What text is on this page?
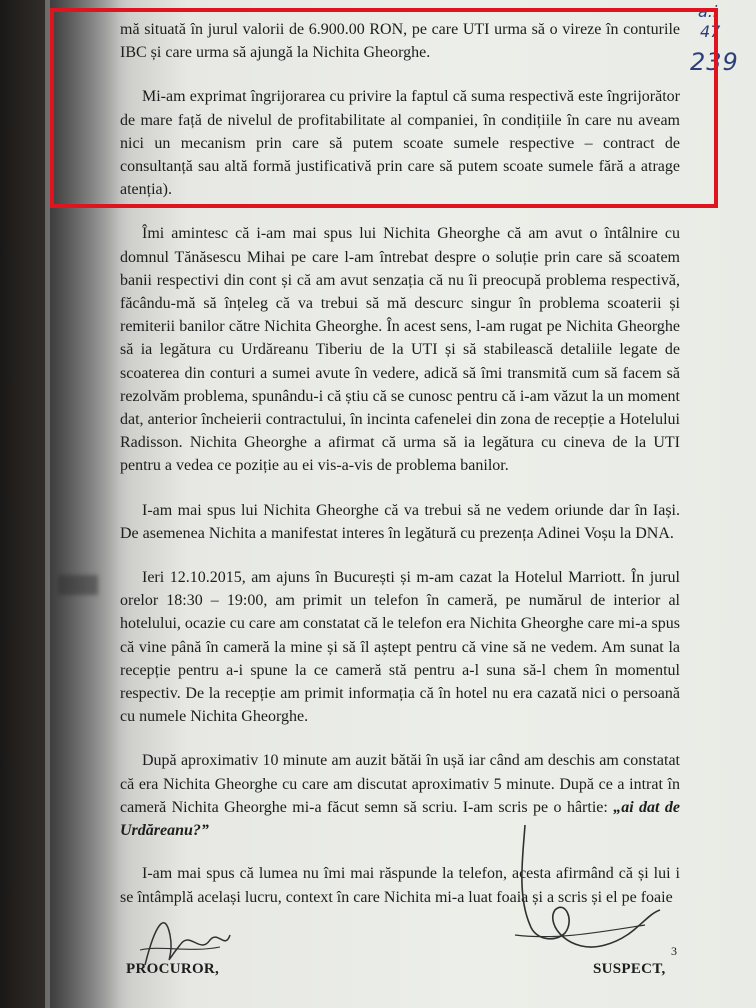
a.i
47
239

mă situată în jurul valorii de 6.900.00 RON, pe care UTI urma să o vireze în conturile IBC și care urma să ajungă la Nichita Gheorghe.

Mi-am exprimat îngrijorarea cu privire la faptul că suma respectivă este îngrijorător de mare față de nivelul de profitabilitate al companiei, în condițiile în care nu aveam nici un mecanism prin care să putem scoate sumele respective – contract de consultanță sau altă formă justificativă prin care să putem scoate sumele fără a atrage atenția).

Îmi amintesc că i-am mai spus lui Nichita Gheorghe că am avut o întâlnire cu domnul Tănăsescu Mihai pe care l-am întrebat despre o soluție prin care să scoatem banii respectivi din cont și că am avut senzația că nu îi preocupă problema respectivă, făcându-mă să înțeleg că va trebui să mă descurc singur în problema scoaterii și remiterii banilor către Nichita Gheorghe. În acest sens, l-am rugat pe Nichita Gheorghe să ia legătura cu Urdăreanu Tiberiu de la UTI și să stabilească detaliile legate de scoaterea din conturi a sumei avute în vedere, adică să îmi transmită cum să facem să rezolvăm problema, spunându-i că știu că se cunosc pentru că i-am văzut la un moment dat, anterior încheierii contractului, în incinta cafenelei din zona de recepție a Hotelului Radisson. Nichita Gheorghe a afirmat că urma să ia legătura cu cineva de la UTI pentru a vedea ce poziție au ei vis-a-vis de problema banilor.

I-am mai spus lui Nichita Gheorghe că va trebui să ne vedem oriunde dar în Iași. De asemenea Nichita a manifestat interes în legătură cu prezența Adinei Voșu la DNA.

Ieri 12.10.2015, am ajuns în București și m-am cazat la Hotelul Marriott. În jurul orelor 18:30 – 19:00, am primit un telefon în cameră, pe numărul de interior al hotelului, ocazie cu care am constatat că le telefon era Nichita Gheorghe care mi-a spus că vine până în cameră la mine și să îl aștept pentru că vine să ne vedem. Am sunat la recepție pentru a-i spune la ce cameră stă pentru a-l suna să-l chem în momentul respectiv. De la recepție am primit informația că în hotel nu era cazată nici o persoană cu numele Nichita Gheorghe.

După aproximativ 10 minute am auzit bătăi în ușă iar când am deschis am constatat că era Nichita Gheorghe cu care am discutat aproximativ 5 minute. După ce a intrat în cameră Nichita Gheorghe mi-a făcut semn să scriu. I-am scris pe o hârtie: „ai dat de Urdăreanu?”

I-am mai spus că lumea nu îmi mai răspunde la telefon, acesta afirmând că și lui i se întâmplă același lucru, context în care Nichita mi-a luat foaia și a scris și el pe foaie

3
PROCUROR,	SUSPECT,
